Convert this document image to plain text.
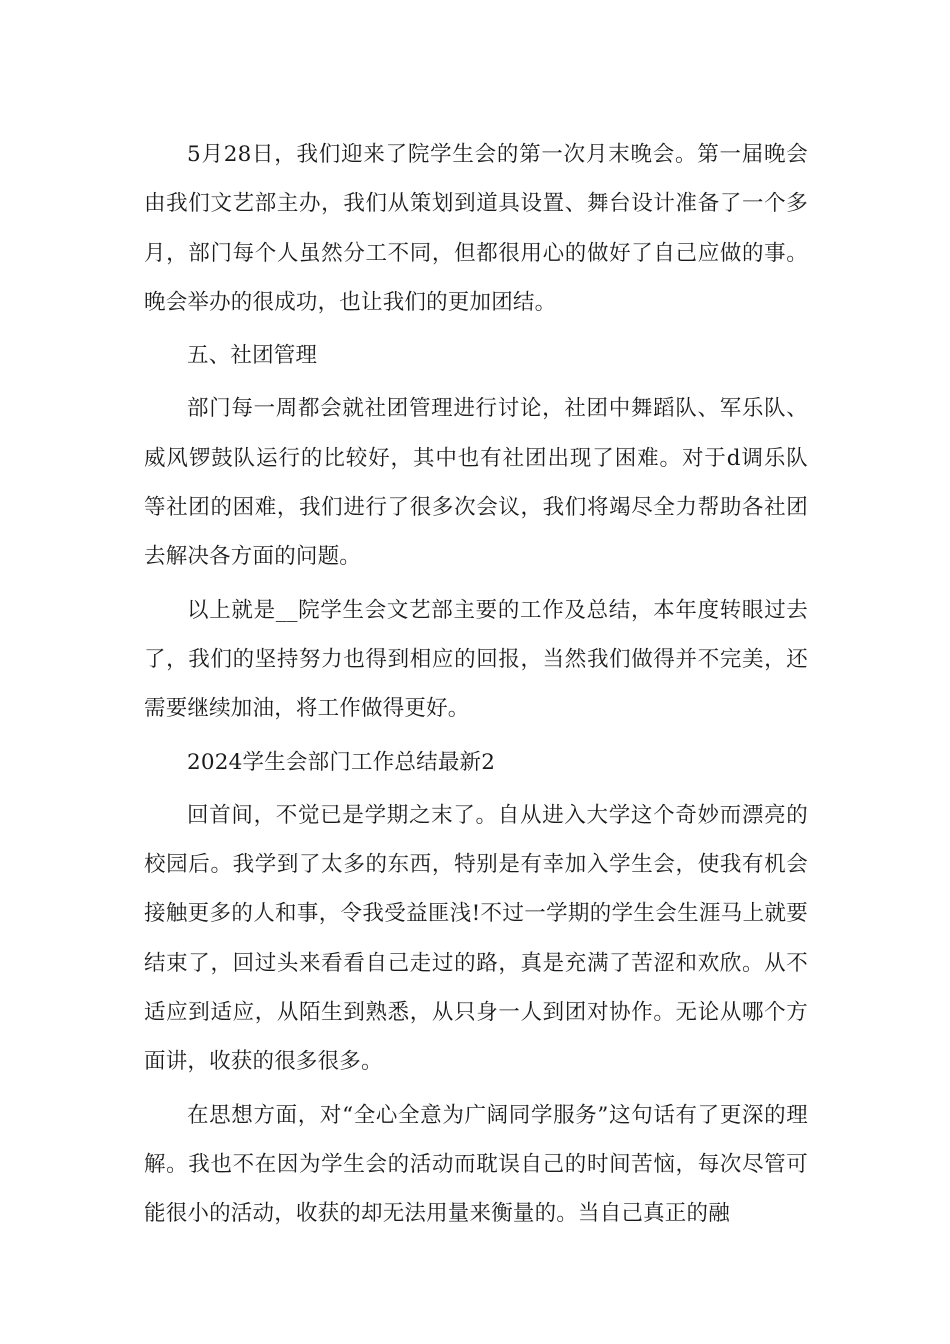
5月28日，我们迎来了院学生会的第一次月末晚会。第一届晚会由我们文艺部主办，我们从策划到道具设置、舞台设计准备了一个多月，部门每个人虽然分工不同，但都很用心的做好了自己应做的事。晚会举办的很成功，也让我们的更加团结。

五、社团管理

部门每一周都会就社团管理进行讨论，社团中舞蹈队、军乐队、威风锣鼓队运行的比较好，其中也有社团出现了困难。对于d调乐队等社团的困难，我们进行了很多次会议，我们将竭尽全力帮助各社团去解决各方面的问题。

以上就是__院学生会文艺部主要的工作及总结，本年度转眼过去了，我们的坚持努力也得到相应的回报，当然我们做得并不完美，还需要继续加油，将工作做得更好。

2024学生会部门工作总结最新2

回首间，不觉已是学期之末了。自从进入大学这个奇妙而漂亮的校园后。我学到了太多的东西，特别是有幸加入学生会，使我有机会接触更多的人和事，令我受益匪浅!不过一学期的学生会生涯马上就要结束了，回过头来看看自己走过的路，真是充满了苦涩和欢欣。从不适应到适应，从陌生到熟悉，从只身一人到团对协作。无论从哪个方面讲，收获的很多很多。

在思想方面，对“全心全意为广阔同学服务”这句话有了更深的理解。我也不在因为学生会的活动而耽误自己的时间苦恼，每次尽管可能很小的活动，收获的却无法用量来衡量的。当自己真正的融
